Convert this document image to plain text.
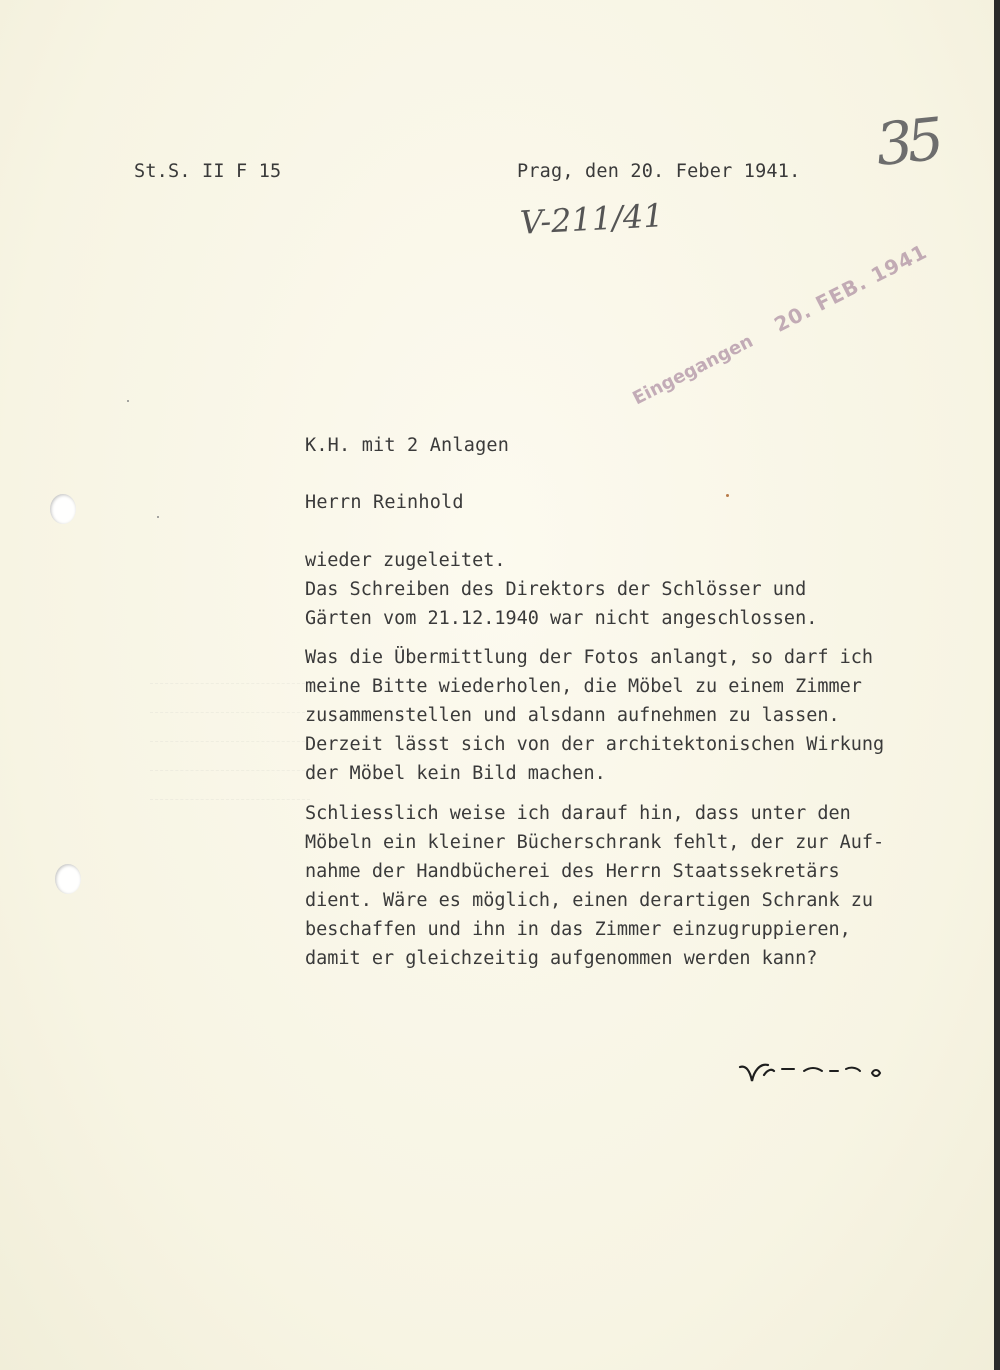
35
St.S. II F 15	Prag, den 20. Feber 1941.
V-211/41
Eingegangen 20. FEB. 1941
K.H. mit 2 Anlagen
Herrn Reinhold
wieder zugeleitet.
Das Schreiben des Direktors der Schlösser und
Gärten vom 21.12.1940 war nicht angeschlossen.
Was die Übermittlung der Fotos anlangt, so darf ich
meine Bitte wiederholen, die Möbel zu einem Zimmer
zusammenstellen und alsdann aufnehmen zu lassen.
Derzeit lässt sich von der architektonischen Wirkung
der Möbel kein Bild machen.
Schliesslich weise ich darauf hin, dass unter den
Möbeln ein kleiner Bücherschrank fehlt, der zur Auf-
nahme der Handbücherei des Herrn Staatssekretärs
dient. Wäre es möglich, einen derartigen Schrank zu
beschaffen und ihn in das Zimmer einzugruppieren,
damit er gleichzeitig aufgenommen werden kann?
